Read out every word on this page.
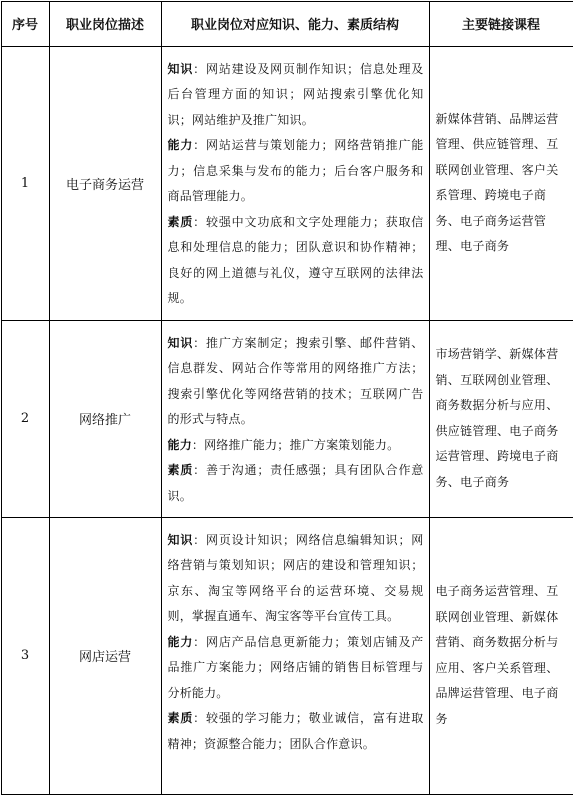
序号	职业岗位描述	职业岗位对应知识、能力、素质结构	主要链接课程
1	电子商务运营	知识：网站建设及网页制作知识；信息处理及后台管理方面的知识；网站搜索引擎优化知识；网站维护及推广知识。

能力：网站运营与策划能力；网络营销推广能力；信息采集与发布的能力；后台客户服务和商品管理能力。

素质：较强中文功底和文字处理能力；获取信息和处理信息的能力；团队意识和协作精神；良好的网上道德与礼仪，遵守互联网的法律法规。	新媒体营销、品牌运营管理、供应链管理、互联网创业管理、客户关系管理、跨境电子商务、电子商务运营管理、电子商务
2	网络推广	知识：推广方案制定；搜索引擎、邮件营销、信息群发、网站合作等常用的网络推广方法；搜索引擎优化等网络营销的技术；互联网广告的形式与特点。

能力：网络推广能力；推广方案策划能力。

素质：善于沟通；责任感强；具有团队合作意识。	市场营销学、新媒体营销、互联网创业管理、商务数据分析与应用、供应链管理、电子商务运营管理、跨境电子商务、电子商务
3	网店运营	知识：网页设计知识；网络信息编辑知识；网络营销与策划知识；网店的建设和管理知识；京东、淘宝等网络平台的运营环境、交易规则，掌握直通车、淘宝客等平台宣传工具。

能力：网店产品信息更新能力；策划店铺及产品推广方案能力；网络店铺的销售目标管理与分析能力。

素质：较强的学习能力；敬业诚信，富有进取精神；资源整合能力；团队合作意识。	电子商务运营管理、互联网创业管理、新媒体营销、商务数据分析与应用、客户关系管理、品牌运营管理、电子商务
